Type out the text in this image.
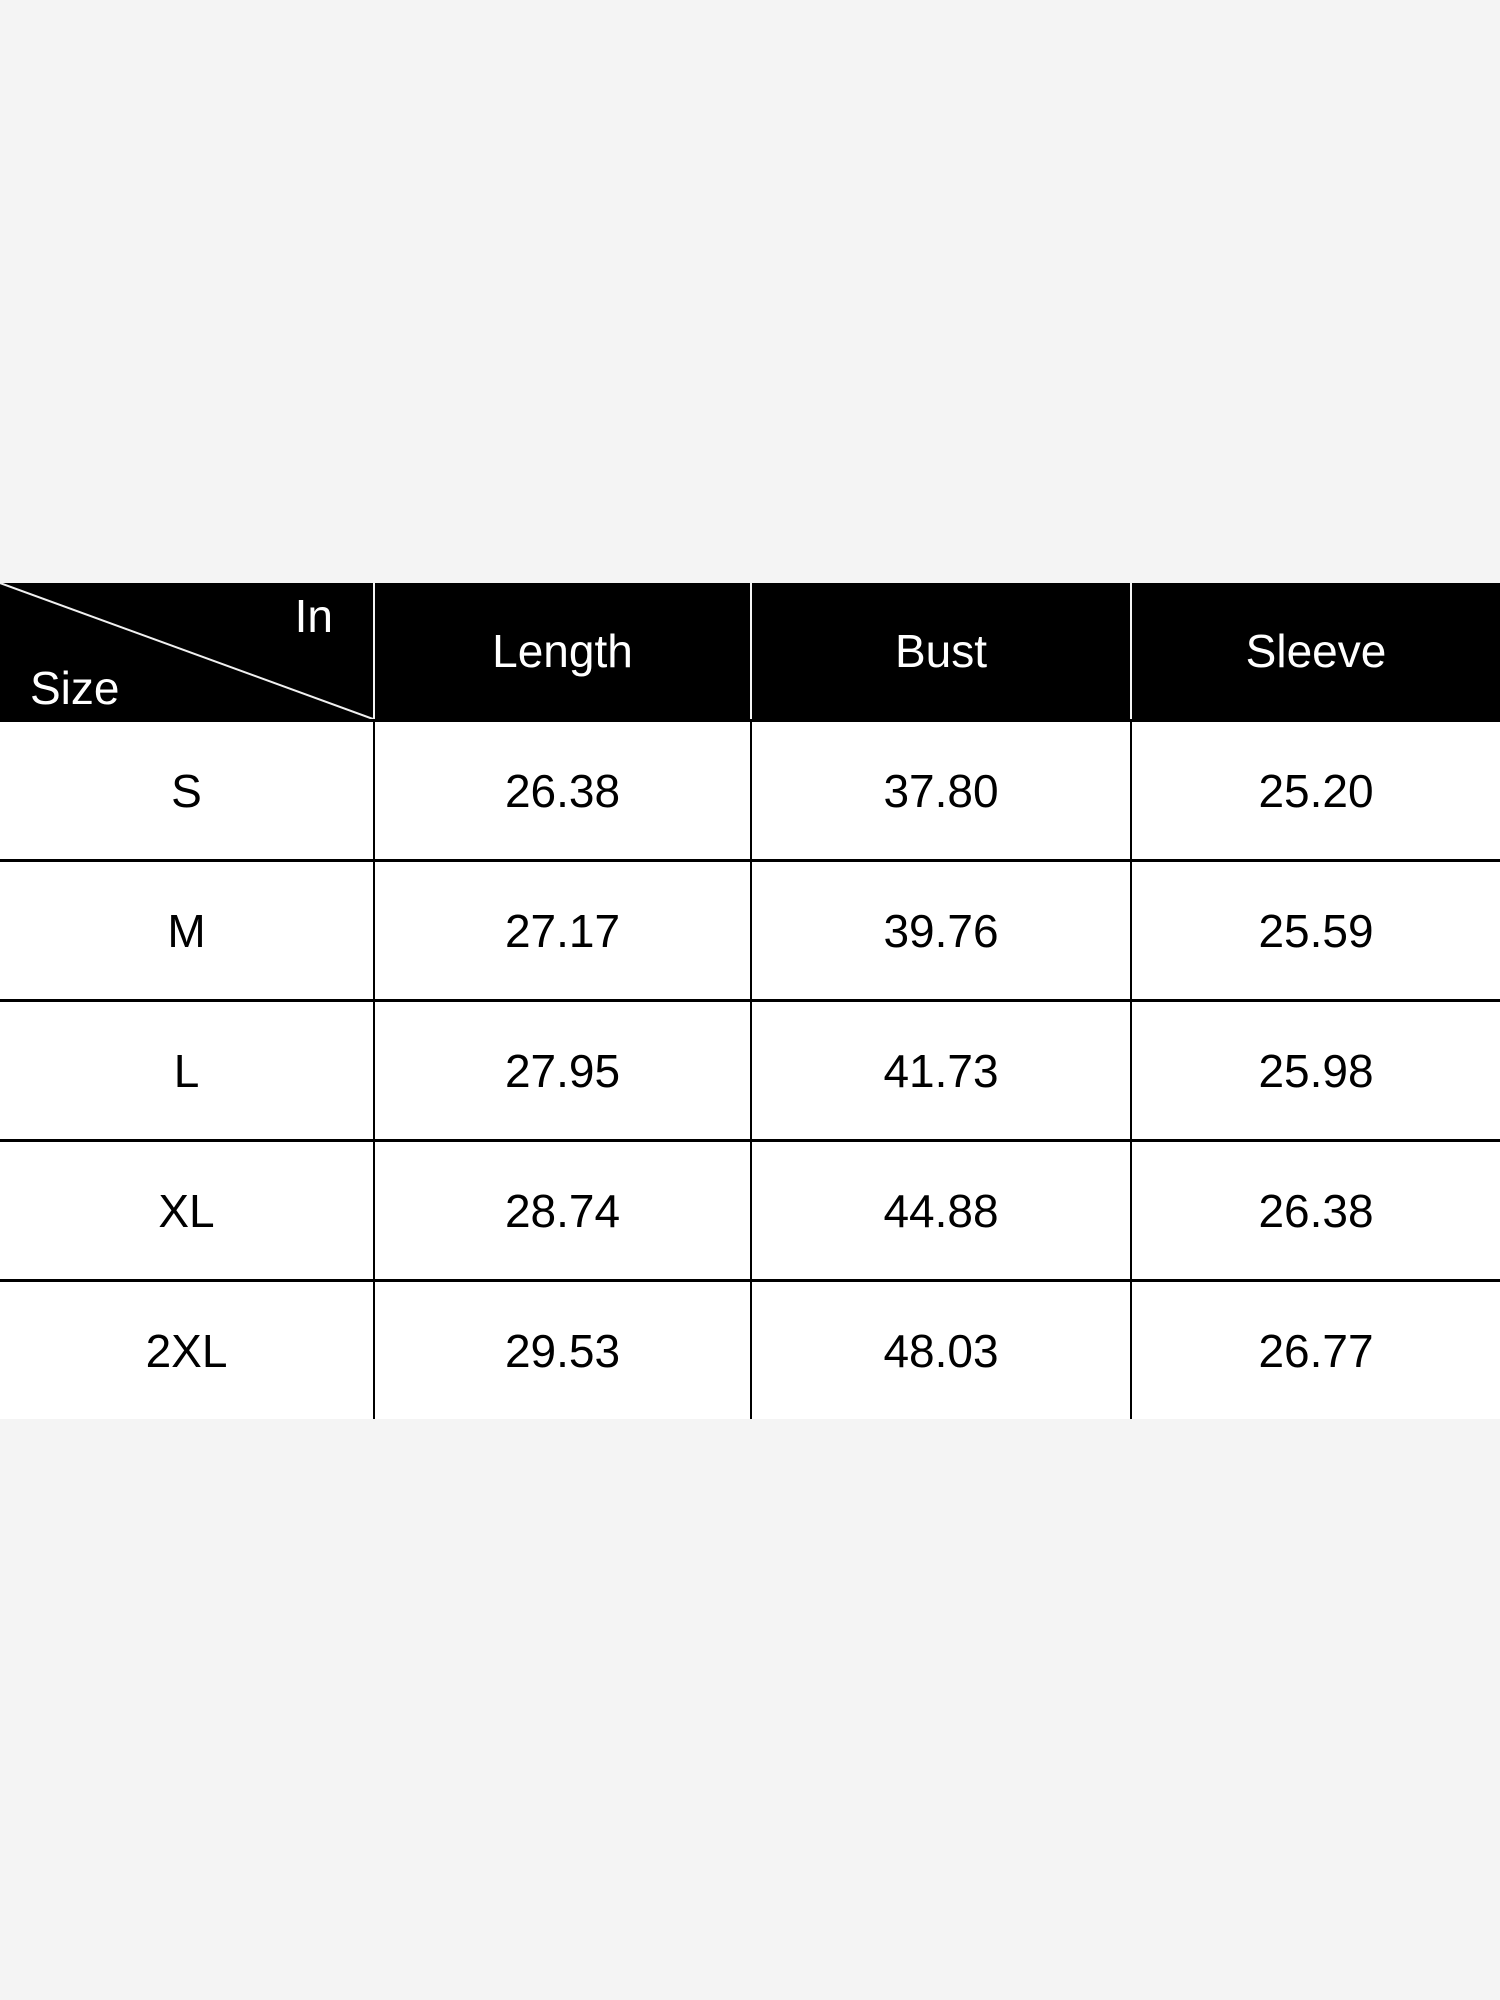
In
Size
Length	Bust	Sleeve
S	26.38	37.80	25.20
M	27.17	39.76	25.59
L	27.95	41.73	25.98
XL	28.74	44.88	26.38
2XL	29.53	48.03	26.77
